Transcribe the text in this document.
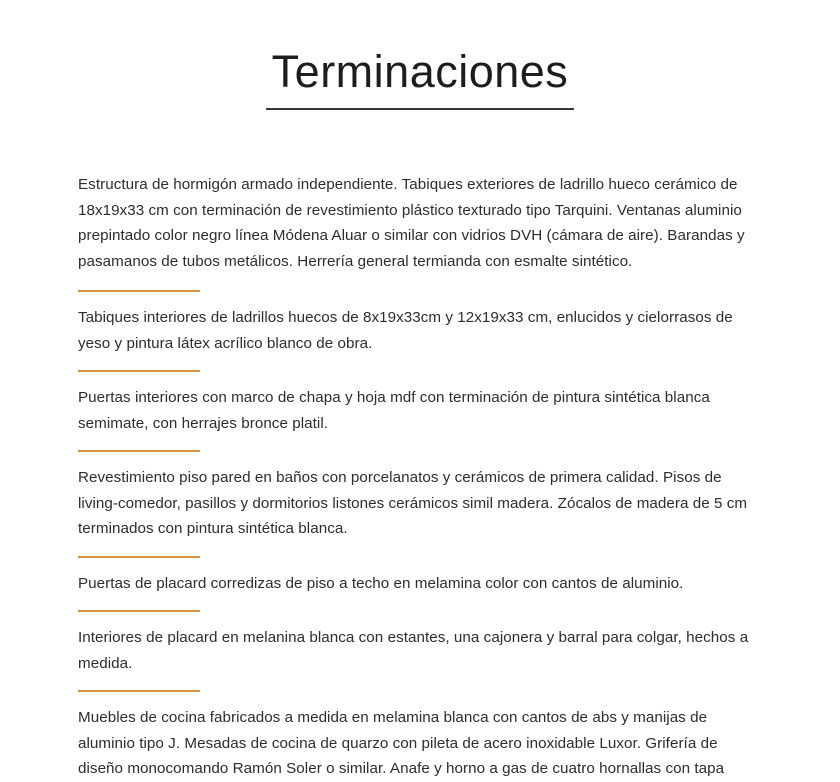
Terminaciones

Estructura de hormigón armado independiente. Tabiques exteriores de ladrillo hueco cerámico de 18x19x33 cm con terminación de revestimiento plástico texturado tipo Tarquini. Ventanas aluminio prepintado color negro línea Módena Aluar o similar con vidrios DVH (cámara de aire). Barandas y pasamanos de tubos metálicos. Herrería general termianda con esmalte sintético.

Tabiques interiores de ladrillos huecos de 8x19x33cm y 12x19x33 cm, enlucidos y cielorrasos de yeso y pintura látex acrílico blanco de obra.

Puertas interiores con marco de chapa y hoja mdf con terminación de pintura sintética blanca semimate, con herrajes bronce platil.

Revestimiento piso pared en baños con porcelanatos y cerámicos de primera calidad. Pisos de living-comedor, pasillos y dormitorios listones cerámicos simil madera. Zócalos de madera de 5 cm terminados con pintura sintética blanca.

Puertas de placard corredizas de piso a techo en melamina color con cantos de aluminio.

Interiores de placard en melanina blanca con estantes, una cajonera y barral para colgar, hechos a medida.

Muebles de cocina fabricados a medida en melamina blanca con cantos de abs y manijas de aluminio tipo J. Mesadas de cocina de quarzo con pileta de acero inoxidable Luxor. Grifería de diseño monocomando Ramón Soler o similar. Anafe y horno a gas de cuatro hornallas con tapa
